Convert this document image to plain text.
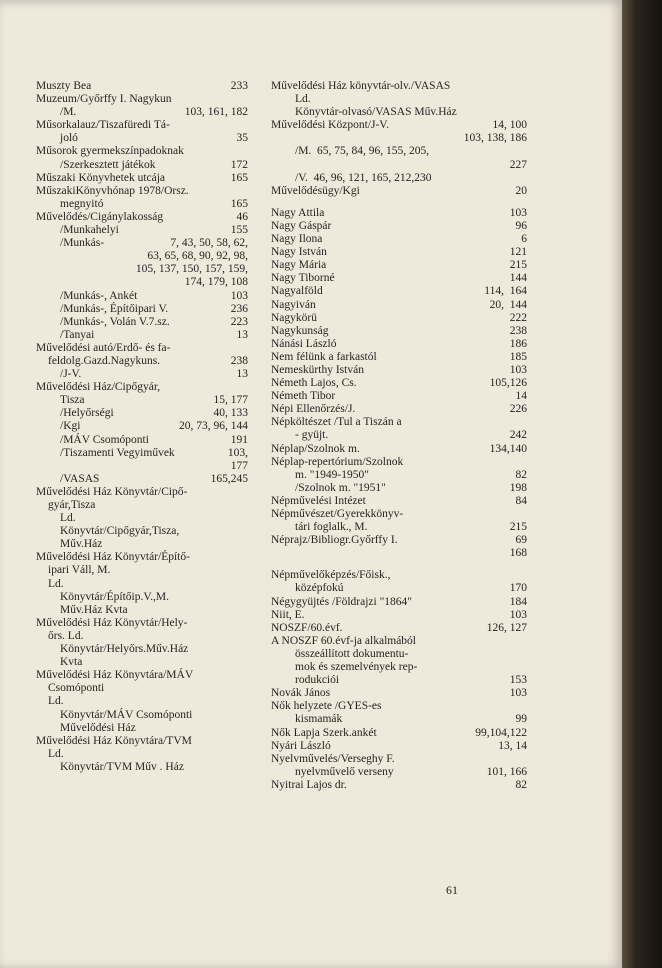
Muszty Bea	233
Muzeum/Győrffy I. Nagykun
/M.	103, 161, 182
Műsorkalauz/Tiszafüredi Tá-
joló	35
Műsorok gyermekszínpadoknak
/Szerkesztett játékok	172
Műszaki Könyvhetek utcája	165
MűszakiKönyvhónap 1978/Orsz.
megnyitó	165
Művelődés/Cigánylakosság	46
/Munkahelyi	155
/Munkás-	7, 43, 50, 58, 62,
63, 65, 68, 90, 92, 98,
105, 137, 150, 157, 159,
174, 179, 108
/Munkás-, Ankét	103
/Munkás-, Építőipari V.	236
/Munkás-, Volán V.7.sz.	223
/Tanyai	13
Művelődési autó/Erdő- és fa-
feldolg.Gazd.Nagykuns.	238
/J-V.	13
Művelődési Ház/Cipőgyár,
Tisza	15, 177
/Helyőrségi	40, 133
/Kgi	20, 73, 96, 144
/MÁV Csomóponti	191
/Tiszamenti Vegyiművek	103,
177
/VASAS	165,245
Művelődési Ház Könyvtár/Cipő-
gyár,Tisza
Ld.
Könyvtár/Cipőgyár,Tisza,
Műv.Ház
Művelődési Ház Könyvtár/Építő-
ipari Váll, M.
Ld.
Könyvtár/Építőip.V.,M.
Műv.Ház Kvta
Művelődési Ház Könyvtár/Hely-
őrs. Ld.
Könyvtár/Helyőrs.Műv.Ház
Kvta
Művelődési Ház Könyvtára/MÁV
Csomóponti
Ld.
Könyvtár/MÁV Csomóponti
Művelődési Ház
Művelődési Ház Könyvtára/TVM
Ld.
Könyvtár/TVM Műv . Ház
Művelődési Ház könyvtár-olv./VASAS
Ld.
Könyvtár-olvasó/VASAS Műv.Ház
Művelődési Központ/J-V.	14, 100
103, 138, 186
/M.  65, 75, 84, 96, 155, 205,
227
/V.  46, 96, 121, 165, 212,230
Művelődésügy/Kgi	20
Nagy Attila	103
Nagy Gáspár	96
Nagy Ilona	6
Nagy István	121
Nagy Mária	215
Nagy Tiborné	144
Nagyalföld	114,  164
Nagyiván	20,  144
Nagykörü	222
Nagykunság	238
Nánási László	186
Nem félünk a farkastól	185
Nemeskürthy István	103
Németh Lajos, Cs.	105,126
Németh Tibor	14
Népi Ellenőrzés/J.	226
Népköltészet /Tul a Tiszán a
- gyüjt.	242
Néplap/Szolnok m.	134,140
Néplap-repertórium/Szolnok
m. "1949-1950"	82
/Szolnok m. "1951"	198
Népművelési Intézet	84
Népművészet/Gyerekkönyv-
tári foglalk., M.	215
Néprajz/Bibliogr.Győrffy I.	69
168
Népművelőképzés/Főisk.,
középfokú	170
Négygyüjtés /Földrajzi "1864"	184
Niit, E.	103
NOSZF/60.évf.	126, 127
A NOSZF 60.évf-ja alkalmából
összeállított dokumentu-
mok és szemelvények rep-
rodukciói	153
Novák János	103
Nők helyzete /GYES-es
kismamák	99
Nők Lapja Szerk.ankét	99,104,122
Nyári László	13, 14
Nyelvművelés/Verseghy F.
nyelvművelő verseny	101, 166
Nyitrai Lajos dr.	82
61
